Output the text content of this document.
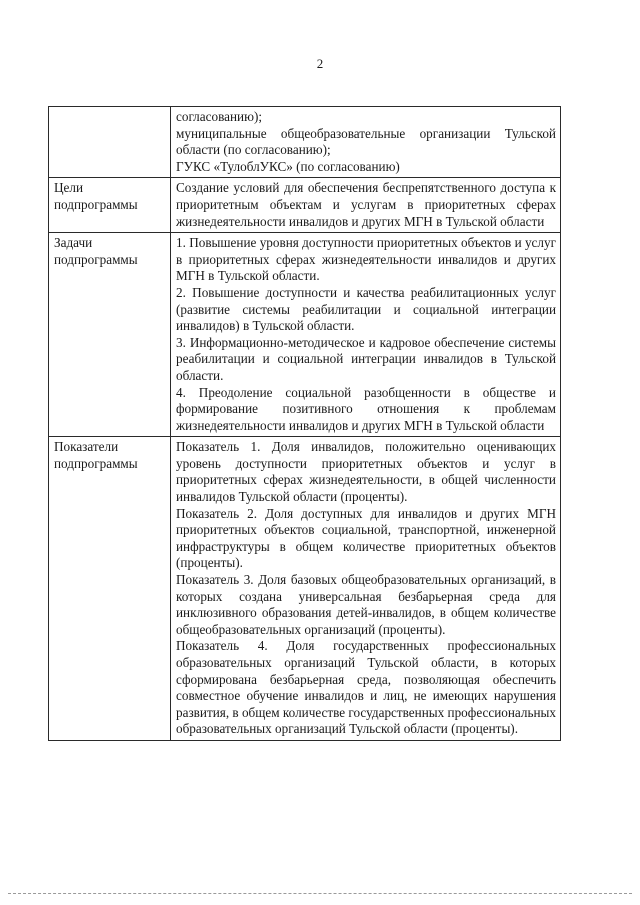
2

	согласованию);
муниципальные общеобразовательные организации Тульской области (по согласованию);
ГУКС «ТулоблУКС» (по согласованию)

Цели подпрограммы	Создание условий для обеспечения беспрепятственного доступа к приоритетным объектам и услугам в приоритетных сферах жизнедеятельности инвалидов и других МГН в Тульской области

Задачи подпрограммы	1. Повышение уровня доступности приоритетных объектов и услуг в приоритетных сферах жизнедеятельности инвалидов и других МГН в Тульской области.
2. Повышение доступности и качества реабилитационных услуг (развитие системы реабилитации и социальной интеграции инвалидов) в Тульской области.
3. Информационно-методическое и кадровое обеспечение системы реабилитации и социальной интеграции инвалидов в Тульской области.
4. Преодоление социальной разобщенности в обществе и формирование позитивного отношения к проблемам жизнедеятельности инвалидов и других МГН в Тульской области

Показатели подпрограммы	Показатель 1. Доля инвалидов, положительно оценивающих уровень доступности приоритетных объектов и услуг в приоритетных сферах жизнедеятельности, в общей численности инвалидов Тульской области (проценты).
Показатель 2. Доля доступных для инвалидов и других МГН приоритетных объектов социальной, транспортной, инженерной инфраструктуры в общем количестве приоритетных объектов (проценты).
Показатель 3. Доля базовых общеобразовательных организаций, в которых создана универсальная безбарьерная среда для инклюзивного образования детей-инвалидов, в общем количестве общеобразовательных организаций (проценты).
Показатель 4. Доля государственных профессиональных образовательных организаций Тульской области, в которых сформирована безбарьерная среда, позволяющая обеспечить совместное обучение инвалидов и лиц, не имеющих нарушения развития, в общем количестве государственных профессиональных образовательных организаций Тульской области (проценты).
